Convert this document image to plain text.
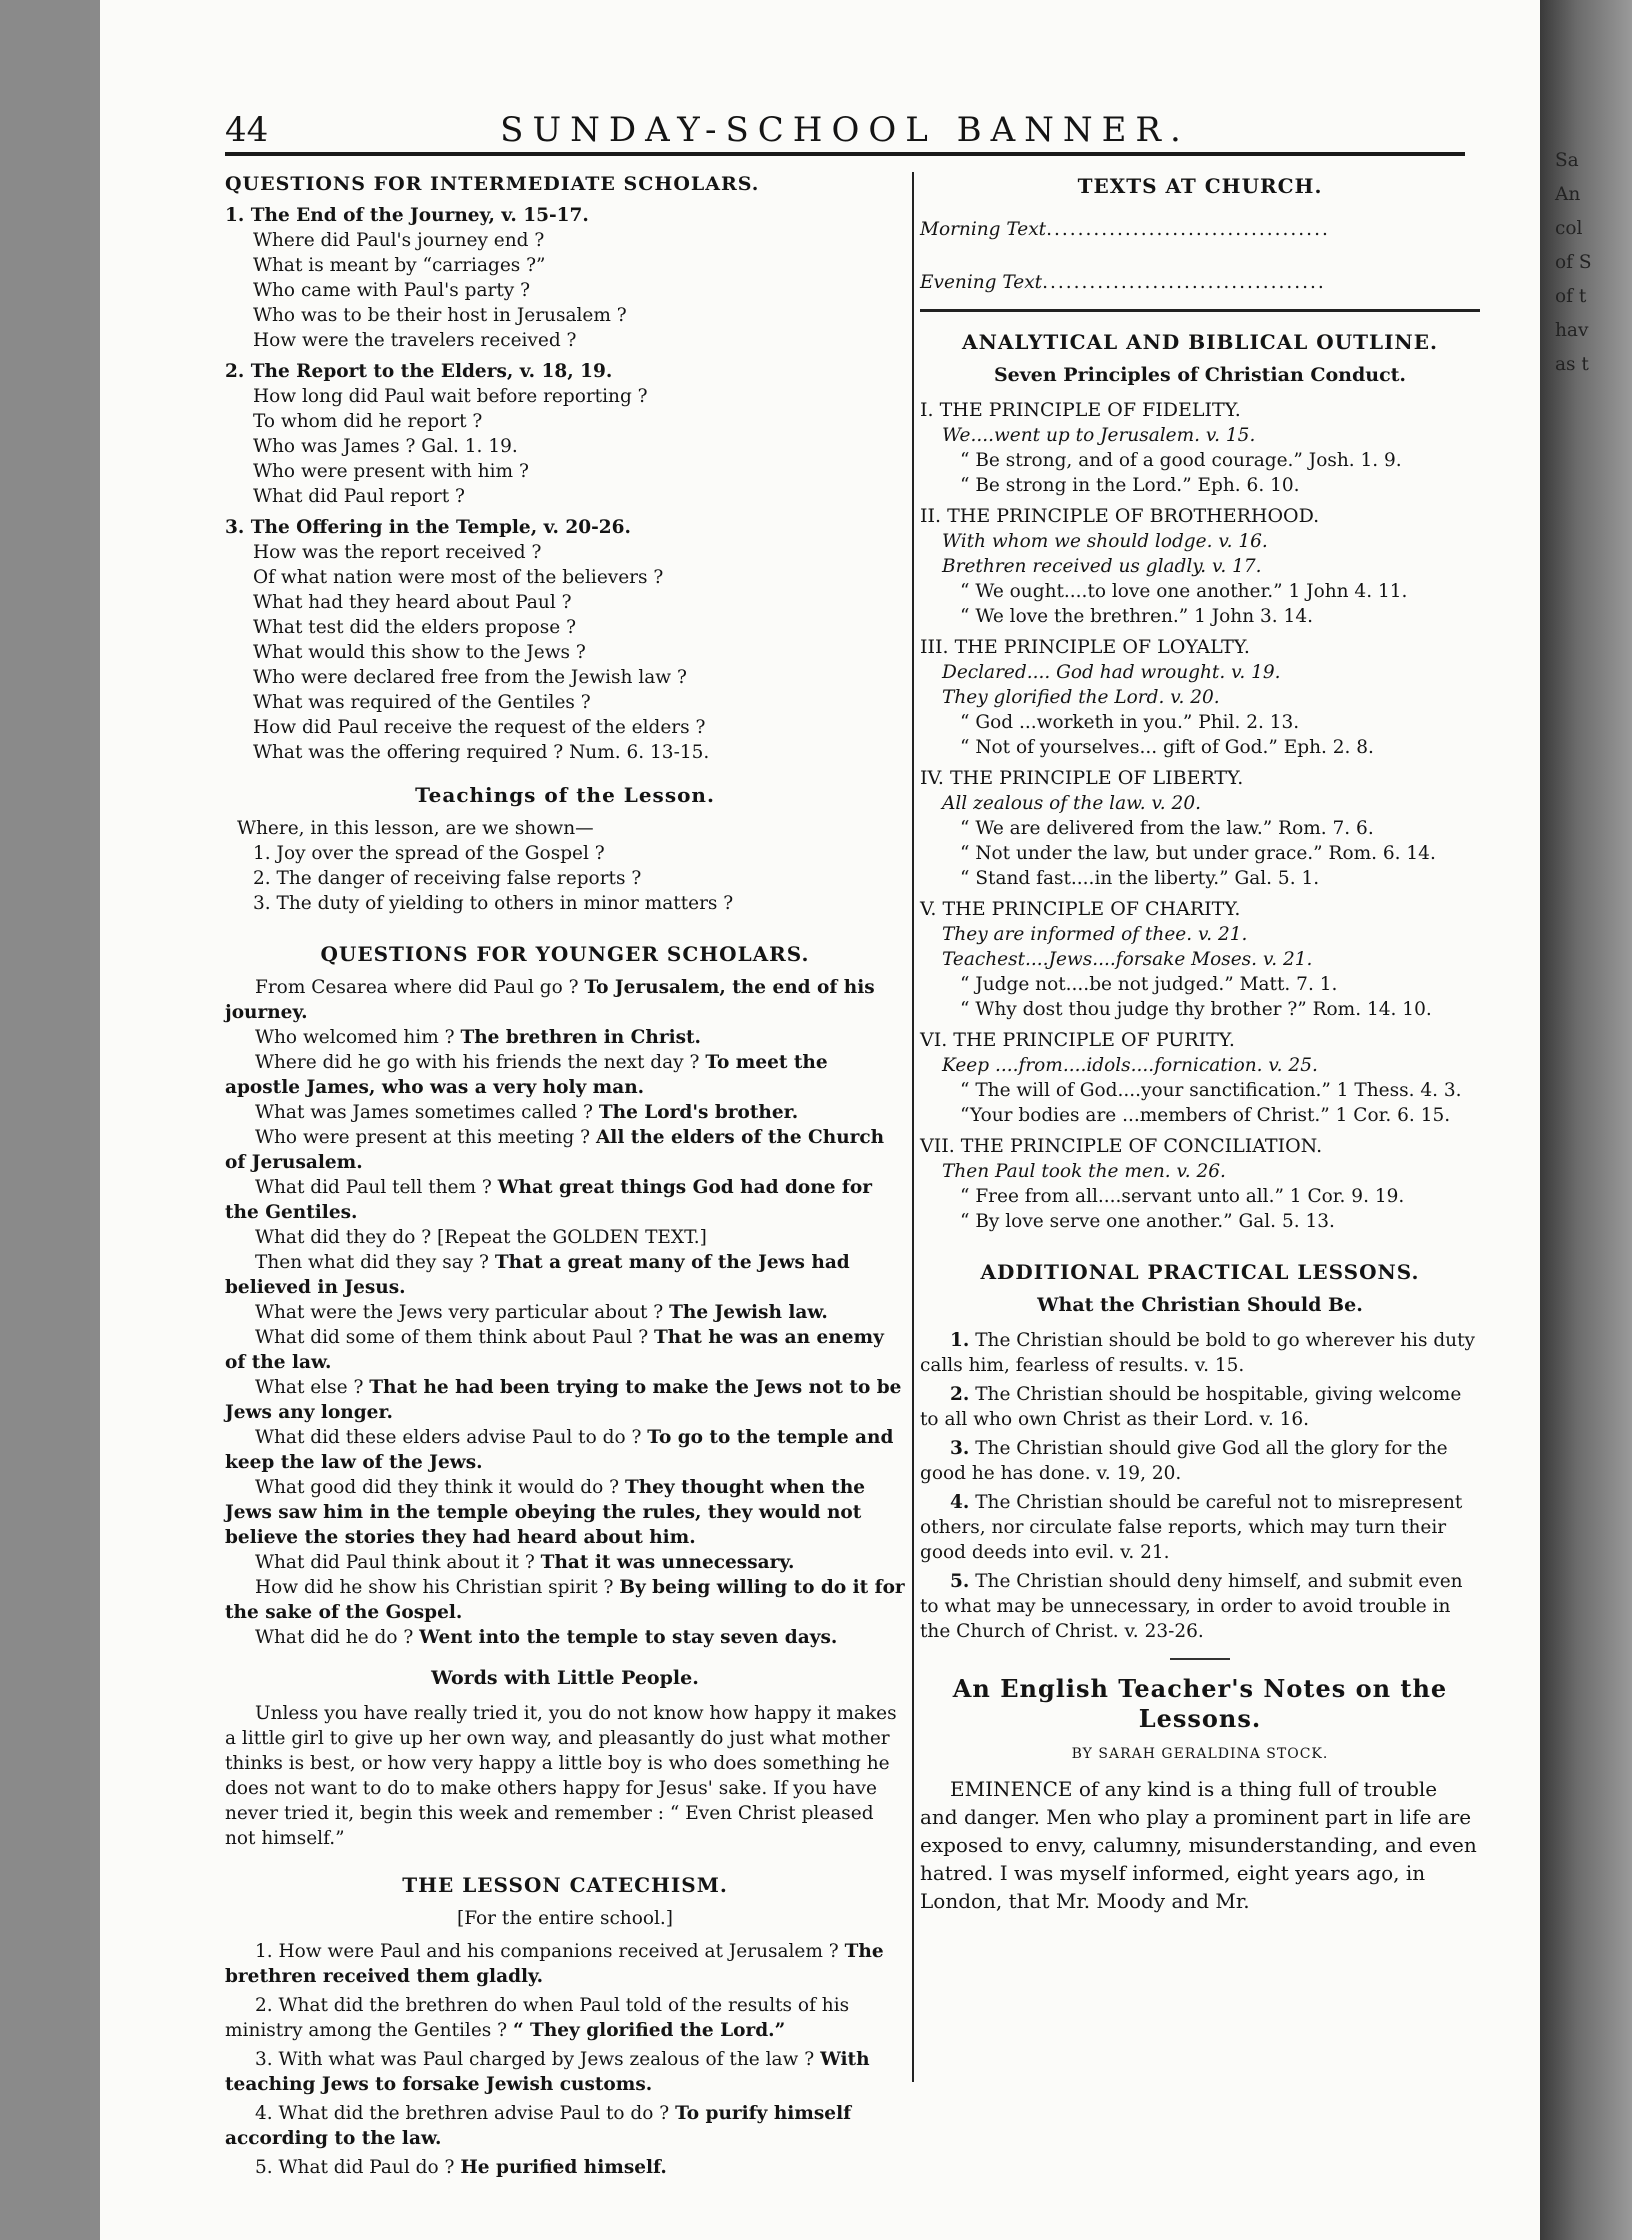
44	SUNDAY-SCHOOL BANNER.
QUESTIONS FOR INTERMEDIATE SCHOLARS.
1. The End of the Journey, v. 15-17.
Where did Paul's journey end ?
What is meant by “carriages ?”
Who came with Paul's party ?
Who was to be their host in Jerusalem ?
How were the travelers received ?
2. The Report to the Elders, v. 18, 19.
How long did Paul wait before reporting ?
To whom did he report ?
Who was James ? Gal. 1. 19.
Who were present with him ?
What did Paul report ?
3. The Offering in the Temple, v. 20-26.
How was the report received ?
Of what nation were most of the believers ?
What had they heard about Paul ?
What test did the elders propose ?
What would this show to the Jews ?
Who were declared free from the Jewish law ?
What was required of the Gentiles ?
How did Paul receive the request of the elders ?
What was the offering required ? Num. 6. 13-15.
Teachings of the Lesson.
Where, in this lesson, are we shown—
1. Joy over the spread of the Gospel ?
2. The danger of receiving false reports ?
3. The duty of yielding to others in minor matters ?
QUESTIONS FOR YOUNGER SCHOLARS.

From Cesarea where did Paul go ? To Jerusalem, the end of his journey.

Who welcomed him ? The brethren in Christ.

Where did he go with his friends the next day ? To meet the apostle James, who was a very holy man.

What was James sometimes called ? The Lord's brother.

Who were present at this meeting ? All the elders of the Church of Jerusalem.

What did Paul tell them ? What great things God had done for the Gentiles.

What did they do ? [Repeat the GOLDEN TEXT.]

Then what did they say ? That a great many of the Jews had believed in Jesus.

What were the Jews very particular about ? The Jewish law.

What did some of them think about Paul ? That he was an enemy of the law.

What else ? That he had been trying to make the Jews not to be Jews any longer.

What did these elders advise Paul to do ? To go to the temple and keep the law of the Jews.

What good did they think it would do ? They thought when the Jews saw him in the temple obeying the rules, they would not believe the stories they had heard about him.

What did Paul think about it ? That it was unnecessary.

How did he show his Christian spirit ? By being willing to do it for the sake of the Gospel.

What did he do ? Went into the temple to stay seven days.

Words with Little People.

Unless you have really tried it, you do not know how happy it makes a little girl to give up her own way, and pleasantly do just what mother thinks is best, or how very happy a little boy is who does something he does not want to do to make others happy for Jesus' sake. If you have never tried it, begin this week and remember : “ Even Christ pleased not himself.”

THE LESSON CATECHISM.
[For the entire school.]

1. How were Paul and his companions received at Jerusalem ? The brethren received them gladly.

2. What did the brethren do when Paul told of the results of his ministry among the Gentiles ? “ They glorified the Lord.”

3. With what was Paul charged by Jews zealous of the law ? With teaching Jews to forsake Jewish customs.

4. What did the brethren advise Paul to do ? To purify himself according to the law.

5. What did Paul do ? He purified himself.

TEXTS AT CHURCH.
Morning Text....................................
Evening Text....................................
ANALYTICAL AND BIBLICAL OUTLINE.
Seven Principles of Christian Conduct.
I. THE PRINCIPLE OF FIDELITY.
We....went up to Jerusalem. v. 15.
“ Be strong, and of a good courage.” Josh. 1. 9.
“ Be strong in the Lord.” Eph. 6. 10.
II. THE PRINCIPLE OF BROTHERHOOD.
With whom we should lodge. v. 16.
Brethren received us gladly. v. 17.
“ We ought....to love one another.” 1 John 4. 11.
“ We love the brethren.” 1 John 3. 14.
III. THE PRINCIPLE OF LOYALTY.
Declared.... God had wrought. v. 19.
They glorified the Lord. v. 20.
“ God ...worketh in you.” Phil. 2. 13.
“ Not of yourselves... gift of God.” Eph. 2. 8.
IV. THE PRINCIPLE OF LIBERTY.
All zealous of the law. v. 20.
“ We are delivered from the law.” Rom. 7. 6.
“ Not under the law, but under grace.” Rom. 6. 14.
“ Stand fast....in the liberty.” Gal. 5. 1.
V. THE PRINCIPLE OF CHARITY.
They are informed of thee. v. 21.
Teachest....Jews....forsake Moses. v. 21.
“ Judge not....be not judged.” Matt. 7. 1.
“ Why dost thou judge thy brother ?” Rom. 14. 10.
VI. THE PRINCIPLE OF PURITY.
Keep ....from....idols....fornication. v. 25.
“ The will of God....your sanctification.” 1 Thess. 4. 3.
“Your bodies are ...members of Christ.” 1 Cor. 6. 15.
VII. THE PRINCIPLE OF CONCILIATION.
Then Paul took the men. v. 26.
“ Free from all....servant unto all.” 1 Cor. 9. 19.
“ By love serve one another.” Gal. 5. 13.
ADDITIONAL PRACTICAL LESSONS.
What the Christian Should Be.

1. The Christian should be bold to go wherever his duty calls him, fearless of results. v. 15.

2. The Christian should be hospitable, giving welcome to all who own Christ as their Lord. v. 16.

3. The Christian should give God all the glory for the good he has done. v. 19, 20.

4. The Christian should be careful not to misrepresent others, nor circulate false reports, which may turn their good deeds into evil. v. 21.

5. The Christian should deny himself, and submit even to what may be unnecessary, in order to avoid trouble in the Church of Christ. v. 23-26.

An English Teacher's Notes on the Lessons.
BY SARAH GERALDINA STOCK.

EMINENCE of any kind is a thing full of trouble and danger. Men who play a prominent part in life are exposed to envy, calumny, misunderstanding, and even hatred. I was myself informed, eight years ago, in London, that Mr. Moody and Mr.

Sa
An
col
of S
of t
hav
as t
